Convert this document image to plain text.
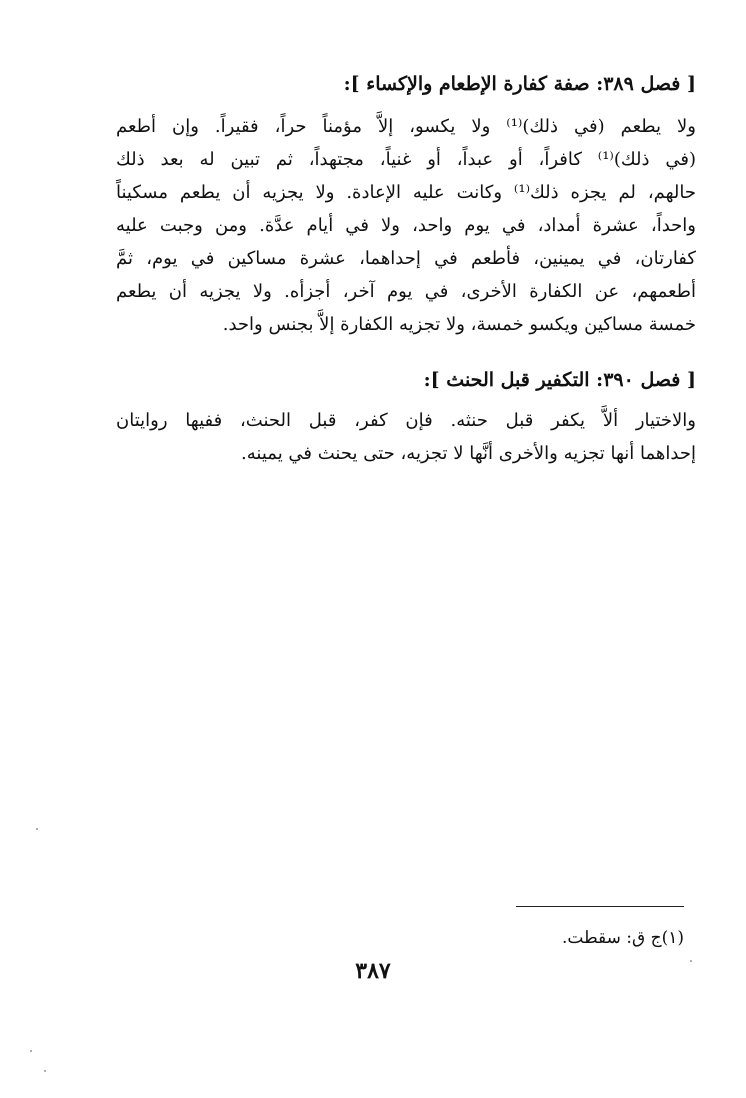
[ فصل ٣٨٩: صفة كفارة الإطعام والإكساء ]:
ولا يطعم (في ذلك)⁽¹⁾ ولا يكسو، إلاَّ مؤمناً حراً، فقيراً. وإن أطعم
(في ذلك)⁽¹⁾ كافراً، أو عبداً، أو غنياً، مجتهداً، ثم تبين له بعد ذلك
حالهم، لم يجزه ذلك⁽¹⁾ وكانت عليه الإعادة. ولا يجزيه أن يطعم مسكيناً
واحداً، عشرة أمداد، في يوم واحد، ولا في أيام عدَّة. ومن وجبت عليه
كفارتان، في يمينين، فأطعم في إحداهما، عشرة مساكين في يوم، ثمَّ
أطعمهم، عن الكفارة الأخرى، في يوم آخر، أجزأه. ولا يجزيه أن يطعم
خمسة مساكين ويكسو خمسة، ولا تجزيه الكفارة إلاَّ بجنس واحد.
[ فصل ٣٩٠: التكفير قبل الحنث ]:
والاختيار ألاَّ يكفر قبل حنثه. فإن كفر، قبل الحنث، ففيها روايتان
إحداهما أنها تجزيه والأخرى أنَّها لا تجزيه، حتى يحنث في يمينه.
(١)ج ق: سقطت.
٣٨٧
